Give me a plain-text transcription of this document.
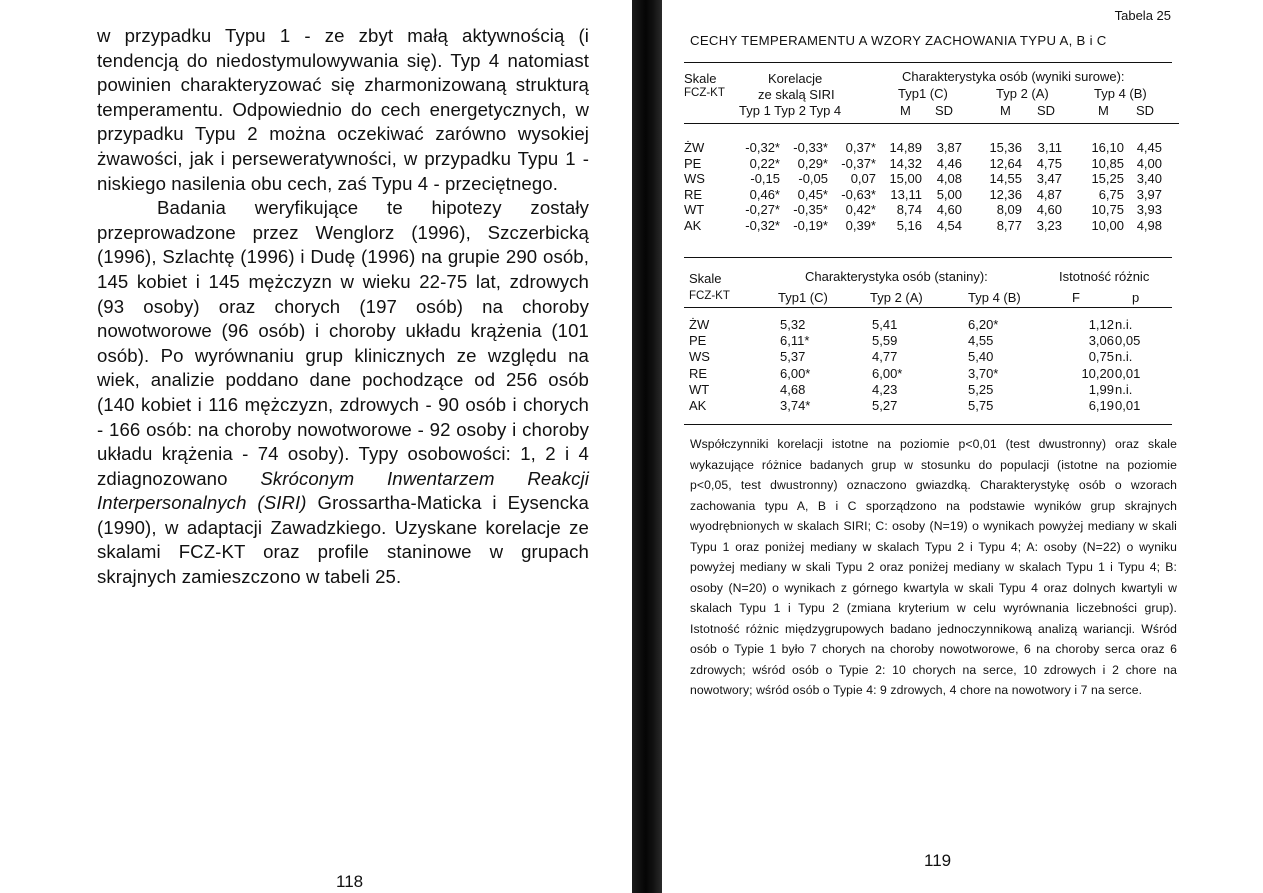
w przypadku Typu 1 - ze zbyt małą aktywnością (i tendencją do niedostymulowywania się). Typ 4 natomiast powinien charakteryzować się zharmonizowaną strukturą temperamentu. Odpowiednio do cech energetycznych, w przypadku Typu 2 można oczekiwać zarówno wysokiej żwawości, jak i perseweratywności, w przypadku Typu 1 - niskiego nasilenia obu cech, zaś Typu 4 - przeciętnego.

Badania weryfikujące te hipotezy zostały przeprowadzone przez Wenglorz (1996), Szczerbicką (1996), Szlachtę (1996) i Dudę (1996) na grupie 290 osób, 145 kobiet i 145 mężczyzn w wieku 22-75 lat, zdrowych (93 osoby) oraz chorych (197 osób) na choroby nowotworowe (96 osób) i choroby układu krążenia (101 osób). Po wyrównaniu grup klinicznych ze względu na wiek, analizie poddano dane pochodzące od 256 osób (140 kobiet i 116 mężczyzn, zdrowych - 90 osób i chorych - 166 osób: na choroby nowotworowe - 92 osoby i choroby układu krążenia - 74 osoby). Typy osobowości: 1, 2 i 4 zdiagnozowano Skróconym Inwentarzem Reakcji Interpersonalnych (SIRI) Grossartha-Maticka i Eysencka (1990), w adaptacji Zawadzkiego. Uzyskane korelacje ze skalami FCZ-KT oraz profile staninowe w grupach skrajnych zamieszczono w tabeli 25.

118
Tabela 25
CECHY TEMPERAMENTU A WZORY ZACHOWANIA TYPU A, B i C
Skale
FCZ-KT
Korelacje
ze skalą SIRI
Typ 1 Typ 2 Typ 4
Charakterystyka osób (wyniki surowe):
Typ1 (C)	Typ 2 (A)	Typ 4 (B)
M SD	M SD	M SD
ŻW	-0,32*	-0,33*	0,37*	14,89	3,87	15,36	3,11	16,10 4,45
PE	0,22*	0,29*	-0,37*	14,32	4,46	12,64	4,75	10,85 4,00
WS	-0,15	-0,05	0,07	15,00	4,08	14,55	3,47	15,25 3,40
RE	0,46*	0,45*	-0,63*	13,11	5,00	12,36	4,87	6,75 3,97
WT	-0,27*	-0,35*	0,42*	8,74	4,60	8,09	4,60	10,75 3,93
AK	-0,32*	-0,19*	0,39*	5,16	4,54	8,77	3,23	10,00 4,98
Skale
FCZ-KT
Charakterystyka osób (staniny):	Istotność różnic
Typ1 (C)	Typ 2 (A)	Typ 4 (B)	F	p
ŻW	5,32	5,41	6,20*	1,12 n.i.
PE	6,11*	5,59	4,55	3,06 0,05
WS	5,37	4,77	5,40	0,75 n.i.
RE	6,00*	6,00*	3,70*	10,20 0,01
WT	4,68	4,23	5,25	1,99 n.i.
AK	3,74*	5,27	5,75	6,19 0,01
Współczynniki korelacji istotne na poziomie p<0,01 (test dwustronny) oraz skale wykazujące różnice badanych grup w stosunku do populacji (istotne na poziomie p<0,05, test dwustronny) oznaczono gwiazdką. Charakterystykę osób o wzorach zachowania typu A, B i C sporządzono na podstawie wyników grup skrajnych wyodrębnionych w skalach SIRI; C: osoby (N=19) o wynikach powyżej mediany w skali Typu 1 oraz poniżej mediany w skalach Typu 2 i Typu 4; A: osoby (N=22) o wyniku powyżej mediany w skali Typu 2 oraz poniżej mediany w skalach Typu 1 i Typu 4; B: osoby (N=20) o wynikach z górnego kwartyla w skali Typu 4 oraz dolnych kwartyli w skalach Typu 1 i Typu 2 (zmiana kryterium w celu wyrównania liczebności grup). Istotność różnic międzygrupowych badano jednoczynnikową analizą wariancji. Wśród osób o Typie 1 było 7 chorych na choroby nowotworowe, 6 na choroby serca oraz 6 zdrowych; wśród osób o Typie 2: 10 chorych na serce, 10 zdrowych i 2 chore na nowotwory; wśród osób o Typie 4: 9 zdrowych, 4 chore na nowotwory i 7 na serce.
119
